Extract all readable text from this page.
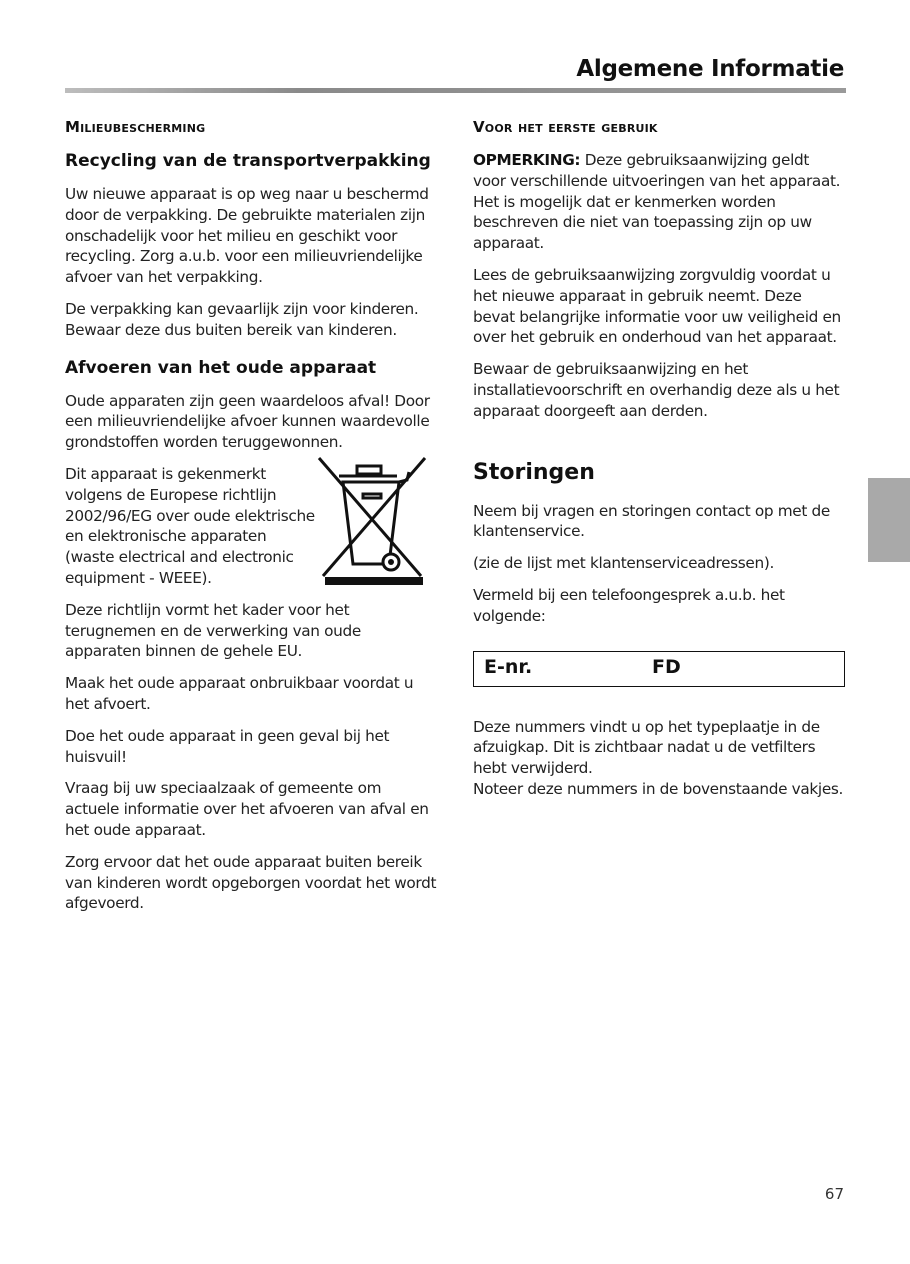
Algemene Informatie
Milieubescherming
Recycling van de transportverpakking

Uw nieuwe apparaat is op weg naar u beschermd door de verpakking. De gebruikte materialen zijn onschadelijk voor het milieu en geschikt voor recycling. Zorg a.u.b. voor een milieuvriendelijke afvoer van het verpakking.

De verpakking kan gevaarlijk zijn voor kinderen. Bewaar deze dus buiten bereik van kinderen.

Afvoeren van het oude apparaat

Oude apparaten zijn geen waardeloos afval! Door een milieuvriendelijke afvoer kunnen waardevolle grondstoffen worden teruggewonnen.

Dit apparaat is gekenmerkt volgens de Europese richtlijn 2002/96/EG over oude elektrische en elektronische apparaten (waste electrical and electronic equipment - WEEE).

Deze richtlijn vormt het kader voor het terugnemen en de verwerking van oude apparaten binnen de gehele EU.

Maak het oude apparaat onbruikbaar voordat u het afvoert.

Doe het oude apparaat in geen geval bij het huisvuil!

Vraag bij uw speciaalzaak of gemeente om actuele informatie over het afvoeren van afval en het oude apparaat.

Zorg ervoor dat het oude apparaat buiten bereik van kinderen wordt opgeborgen voordat het wordt afgevoerd.

Voor het eerste gebruik

OPMERKING: Deze gebruiksaanwijzing geldt voor verschillende uitvoeringen van het apparaat. Het is mogelijk dat er kenmerken worden beschreven die niet van toepassing zijn op uw apparaat.

Lees de gebruiksaanwijzing zorgvuldig voordat u het nieuwe apparaat in gebruik neemt. Deze bevat belangrijke informatie voor uw veiligheid en over het gebruik en onderhoud van het apparaat.

Bewaar de gebruiksaanwijzing en het installatievoorschrift en overhandig deze als u het apparaat doorgeeft aan derden.

Storingen

Neem bij vragen en storingen contact op met de klantenservice.

(zie de lijst met klantenserviceadressen).

Vermeld bij een telefoongesprek a.u.b. het volgende:

E-nr.	FD

Deze nummers vindt u op het typeplaatje in de afzuigkap. Dit is zichtbaar nadat u de vetfilters hebt verwijderd.

Noteer deze nummers in de bovenstaande vakjes.

67
